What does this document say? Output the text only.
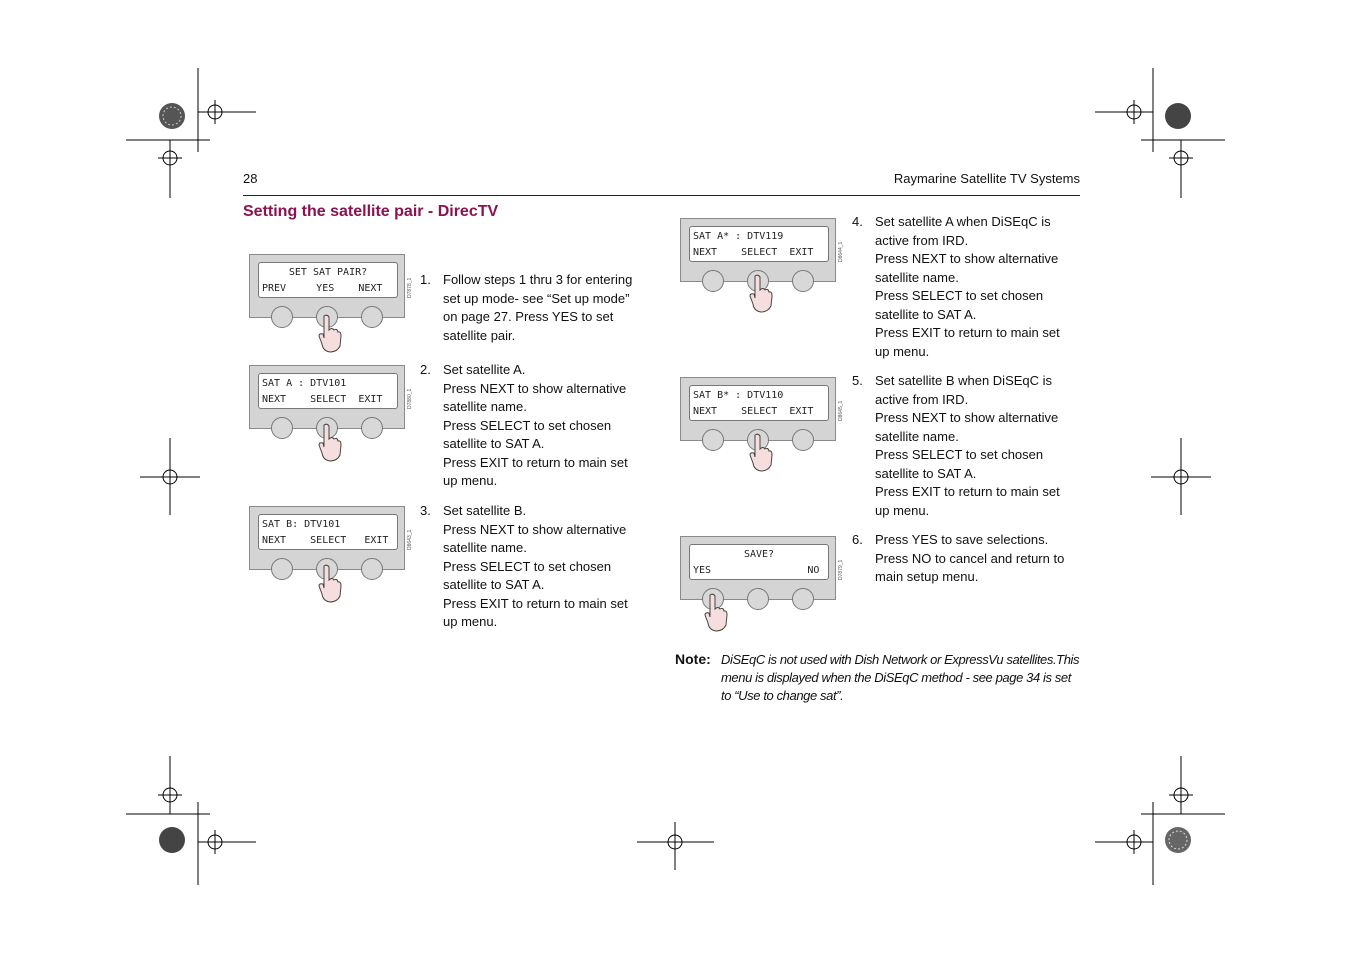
28	Raymarine Satellite TV Systems
Setting the satellite pair - DirecTV
SET SAT PAIR?
PREV     YES    NEXT	D7878_1
SAT A : DTV101
NEXT    SELECT  EXIT	D7880_1
SAT B: DTV101
NEXT    SELECT   EXIT	D8643_1
SAT A* : DTV119
NEXT    SELECT  EXIT	D8644_1
SAT B* : DTV110
NEXT    SELECT  EXIT	D8645_1
SAVE?
YES                NO	D7879_1
1. Follow steps 1 thru 3 for entering set up mode- see “Set up mode” on page 27. Press YES to set satellite pair.
2. Set satellite A.
Press NEXT to show alternative satellite name.
Press SELECT to set chosen satellite to SAT A.
Press EXIT to return to main set up menu.
3. Set satellite B.
Press NEXT to show alternative satellite name.
Press SELECT to set chosen satellite to SAT A.
Press EXIT to return to main set up menu.
4. Set satellite A when DiSEqC is active from IRD.
Press NEXT to show alternative satellite name.
Press SELECT to set chosen satellite to SAT A.
Press EXIT to return to main set up menu.
5. Set satellite B when DiSEqC is active from IRD.
Press NEXT to show alternative satellite name.
Press SELECT to set chosen satellite to SAT A.
Press EXIT to return to main set up menu.
6. Press YES to save selections.
Press NO to cancel and return to main setup menu.
Note: DiSEqC is not used with Dish Network or ExpressVu satellites.This menu is displayed when the DiSEqC method - see page 34 is set to “Use to change sat”.
